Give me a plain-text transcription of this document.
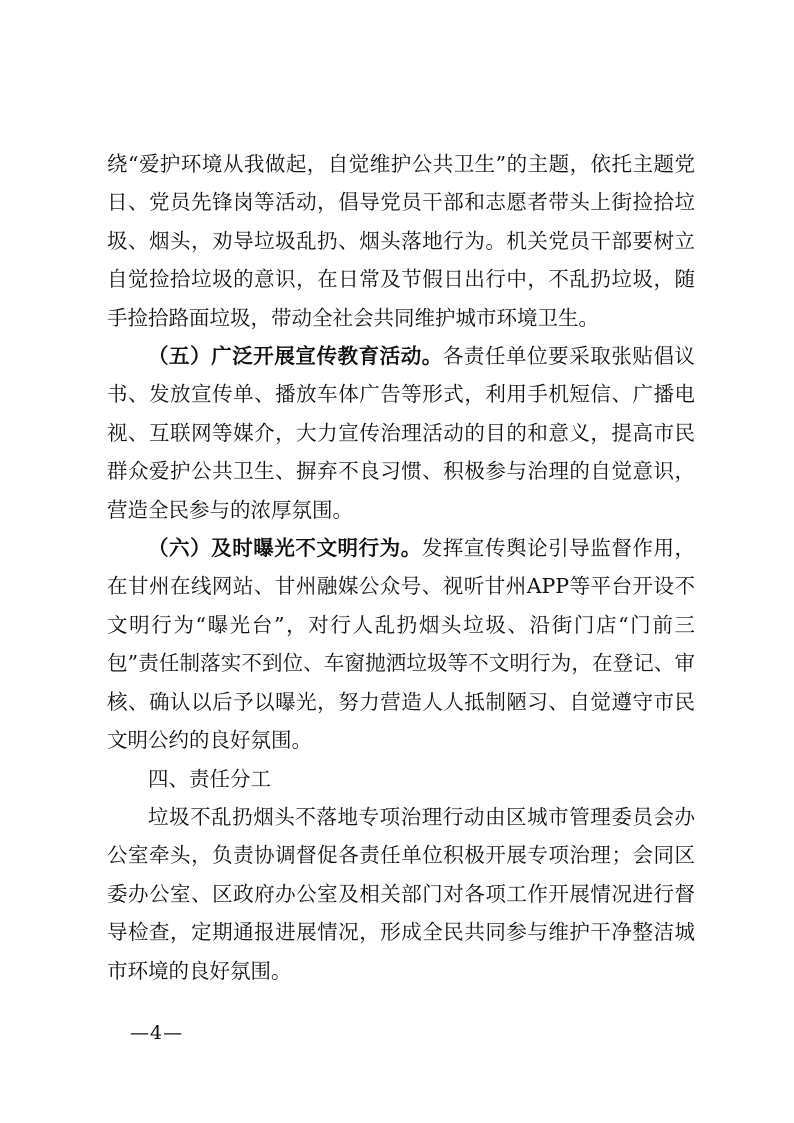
绕“爱护环境从我做起，自觉维护公共卫生”的主题，依托主题党日、党员先锋岗等活动，倡导党员干部和志愿者带头上街捡拾垃圾、烟头，劝导垃圾乱扔、烟头落地行为。机关党员干部要树立自觉捡拾垃圾的意识，在日常及节假日出行中，不乱扔垃圾，随手捡拾路面垃圾，带动全社会共同维护城市环境卫生。

（五）广泛开展宣传教育活动。各责任单位要采取张贴倡议书、发放宣传单、播放车体广告等形式，利用手机短信、广播电视、互联网等媒介，大力宣传治理活动的目的和意义，提高市民群众爱护公共卫生、摒弃不良习惯、积极参与治理的自觉意识，营造全民参与的浓厚氛围。

（六）及时曝光不文明行为。发挥宣传舆论引导监督作用，在甘州在线网站、甘州融媒公众号、视听甘州APP等平台开设不文明行为“曝光台”，对行人乱扔烟头垃圾、沿街门店“门前三包”责任制落实不到位、车窗抛洒垃圾等不文明行为，在登记、审核、确认以后予以曝光，努力营造人人抵制陋习、自觉遵守市民文明公约的良好氛围。

四、责任分工

垃圾不乱扔烟头不落地专项治理行动由区城市管理委员会办公室牵头，负责协调督促各责任单位积极开展专项治理；会同区委办公室、区政府办公室及相关部门对各项工作开展情况进行督导检查，定期通报进展情况，形成全民共同参与维护干净整洁城市环境的良好氛围。

—4—
